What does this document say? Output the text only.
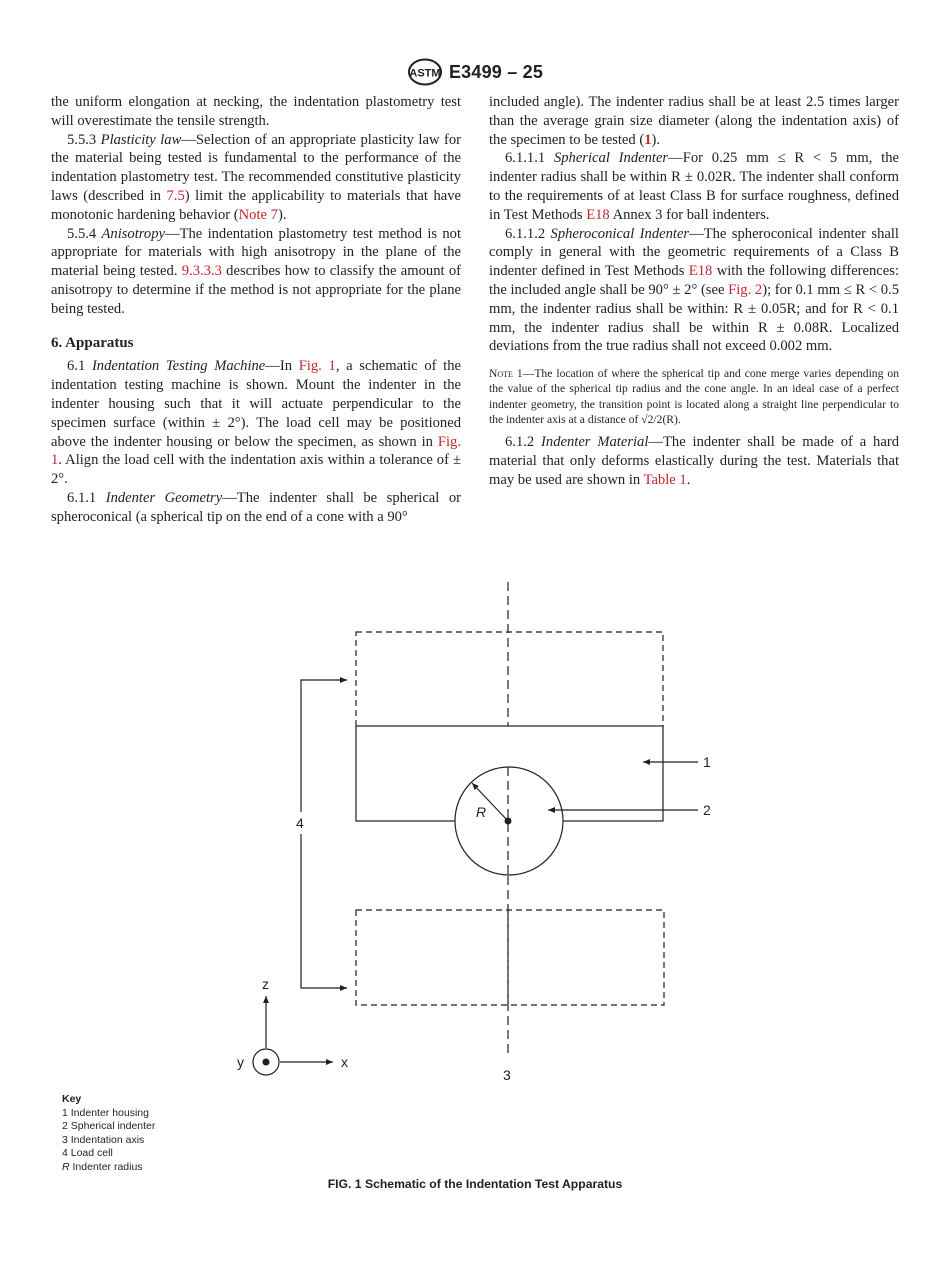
ASTM E3499 – 25

the uniform elongation at necking, the indentation plastometry test will overestimate the tensile strength.

5.5.3 Plasticity law—Selection of an appropriate plasticity law for the material being tested is fundamental to the performance of the indentation plastometry test. The recommended constitutive plasticity laws (described in 7.5) limit the applicability to materials that have monotonic hardening behavior (Note 7).

5.5.4 Anisotropy—The indentation plastometry test method is not appropriate for materials with high anisotropy in the plane of the material being tested. 9.3.3.3 describes how to classify the amount of anisotropy to determine if the method is not appropriate for the plane being tested.

6. Apparatus

6.1 Indentation Testing Machine—In Fig. 1, a schematic of the indentation testing machine is shown. Mount the indenter in the indenter housing such that it will actuate perpendicular to the specimen surface (within ± 2°). The load cell may be positioned above the indenter housing or below the specimen, as shown in Fig. 1. Align the load cell with the indentation axis within a tolerance of ± 2°.

6.1.1 Indenter Geometry—The indenter shall be spherical or spheroconical (a spherical tip on the end of a cone with a 90°

included angle). The indenter radius shall be at least 2.5 times larger than the average grain size diameter (along the indentation axis) of the specimen to be tested (1).

6.1.1.1 Spherical Indenter—For 0.25 mm ≤ R < 5 mm, the indenter radius shall be within R ± 0.02R. The indenter shall conform to the requirements of at least Class B for surface roughness, defined in Test Methods E18 Annex 3 for ball indenters.

6.1.1.2 Spheroconical Indenter—The spheroconical indenter shall comply in general with the geometric requirements of a Class B indenter defined in Test Methods E18 with the following differences: the included angle shall be 90° ± 2° (see Fig. 2); for 0.1 mm ≤ R < 0.5 mm, the indenter radius shall be within: R ± 0.05R; and for R < 0.1 mm, the indenter radius shall be within R ± 0.08R. Localized deviations from the true radius shall not exceed 0.002 mm.

Note 1—The location of where the spherical tip and cone merge varies depending on the value of the spherical tip radius and the cone angle. In an ideal case of a perfect indenter geometry, the transition point is located along a straight line perpendicular to the indenter axis at a distance of √2/2(R).

6.1.2 Indenter Material—The indenter shall be made of a hard material that only deforms elastically during the test. Materials that may be used are shown in Table 1.

1
2
3
4
R
z
x
y
Key
1 Indenter housing
2 Spherical indenter
3 Indentation axis
4 Load cell
R Indenter radius
FIG. 1 Schematic of the Indentation Test Apparatus
